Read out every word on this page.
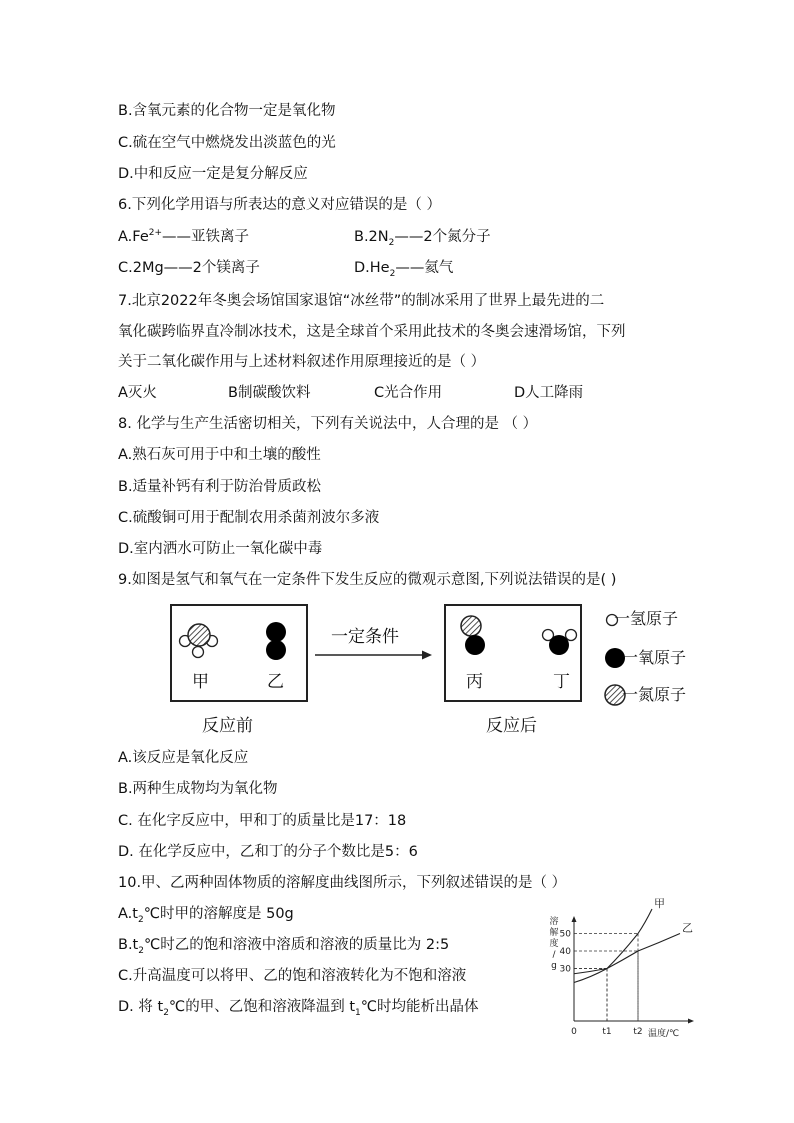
B.含氧元素的化合物一定是氧化物
C.硫在空气中燃烧发出淡蓝色的光
D.中和反应一定是复分解反应
6.下列化学用语与所表达的意义对应错误的是（ ）
$A.Fe^{2+}——$亚铁离子	$B.2N_2——2$个氮分子
C.2Mg——2个镁离子	$D.He_2——$氦气
7.北京2022年冬奥会场馆国家退馆“冰丝带”的制冰采用了世界上最先进的二
氧化碳跨临界直冷制冰技术，这是全球首个采用此技术的冬奥会速滑场馆，下列
关于二氧化碳作用与上述材料叙述作用原理接近的是（ ）
A灭火	B制碳酸饮料	C光合作用	D人工降雨
8. 化学与生产生活密切相关，下列有关说法中，人合理的是 （ ）
A.熟石灰可用于中和土壤的酸性
B.适量补钙有利于防治骨质政松
C.硫酸铜可用于配制农用杀菌剂波尔多液
D.室内洒水可防止一氧化碳中毒
9.如图是氢气和氧气在一定条件下发生反应的微观示意图,下列说法错误的是( )
甲	乙
一定条件
丙	丁
反应前	反应后
一氢原子
一氧原子
一氮原子
A.该反应是氧化反应
B.两种生成物均为氧化物
C. 在化字反应中，甲和丁的质量比是17：18
D. 在化学反应中，乙和丁的分子个数比是5：6
10.甲、乙两种固体物质的溶解度曲线图所示，下列叙述错误的是（ ）
$A.t_2℃$时甲的溶解度是 50g
$B.t_2℃$时乙的饱和溶液中溶质和溶液的质量比为 2:5
C.升高温度可以将甲、乙的饱和溶液转化为不饱和溶液
D. 将 $t_2℃$的甲、乙饱和溶液降温到 $t_1℃$时均能析出晶体
溶解度/ g
温度/℃
0
30
40
50
t1 t2
甲
乙
